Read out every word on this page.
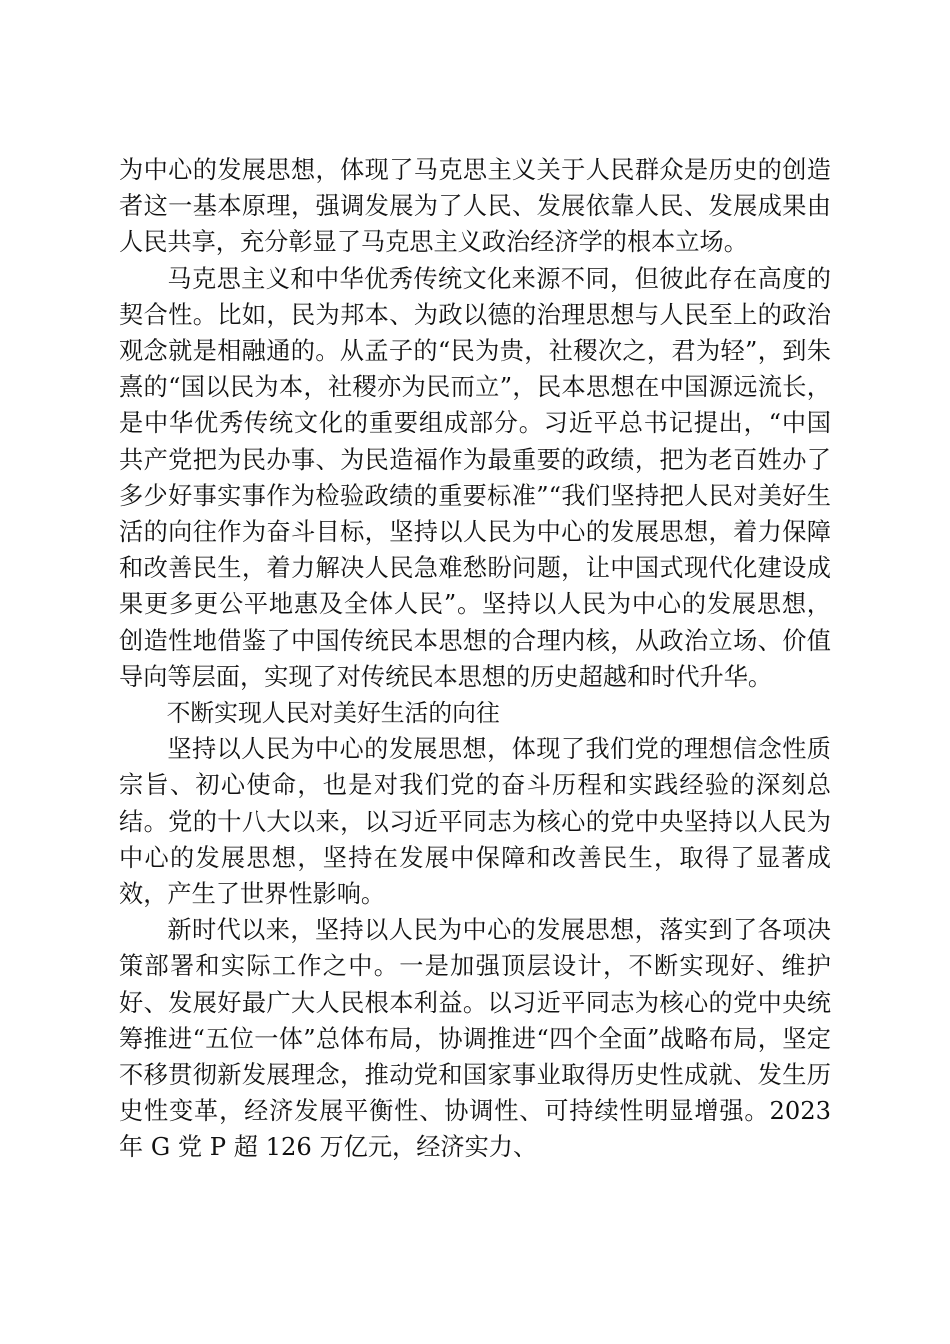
为中心的发展思想，体现了马克思主义关于人民群众是历史的创造者这一基本原理，强调发展为了人民、发展依靠人民、发展成果由人民共享，充分彰显了马克思主义政治经济学的根本立场。

马克思主义和中华优秀传统文化来源不同，但彼此存在高度的契合性。比如，民为邦本、为政以德的治理思想与人民至上的政治观念就是相融通的。从孟子的“民为贵，社稷次之，君为轻”，到朱熹的“国以民为本，社稷亦为民而立”，民本思想在中国源远流长，是中华优秀传统文化的重要组成部分。习近平总书记提出，“中国共产党把为民办事、为民造福作为最重要的政绩，把为老百姓办了多少好事实事作为检验政绩的重要标准”“我们坚持把人民对美好生活的向往作为奋斗目标，坚持以人民为中心的发展思想，着力保障和改善民生，着力解决人民急难愁盼问题，让中国式现代化建设成果更多更公平地惠及全体人民”。坚持以人民为中心的发展思想，创造性地借鉴了中国传统民本思想的合理内核，从政治立场、价值导向等层面，实现了对传统民本思想的历史超越和时代升华。

不断实现人民对美好生活的向往

坚持以人民为中心的发展思想，体现了我们党的理想信念性质宗旨、初心使命，也是对我们党的奋斗历程和实践经验的深刻总结。党的十八大以来，以习近平同志为核心的党中央坚持以人民为中心的发展思想，坚持在发展中保障和改善民生，取得了显著成效，产生了世界性影响。

新时代以来，坚持以人民为中心的发展思想，落实到了各项决策部署和实际工作之中。一是加强顶层设计，不断实现好、维护好、发展好最广大人民根本利益。以习近平同志为核心的党中央统筹推进“五位一体”总体布局，协调推进“四个全面”战略布局，坚定不移贯彻新发展理念，推动党和国家事业取得历史性成就、发生历史性变革，经济发展平衡性、协调性、可持续性明显增强。2023 年 G 党 P 超 126 万亿元，经济实力、
